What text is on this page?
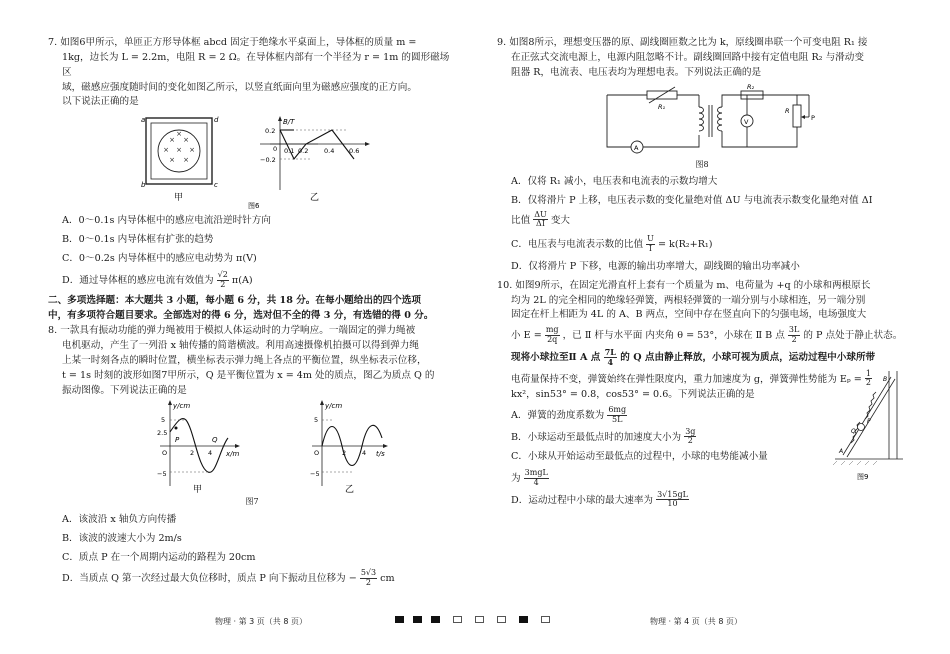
7. 如图6甲所示，单匝正方形导体框 abcd 固定于绝缘水平桌面上，导体框的质量 m =

1kg，边长为 L = 2.2m，电阻 R = 2 Ω。在导体框内部有一个半径为 r = 1m 的圆形磁场区

域，磁感应强度随时间的变化如图乙所示，以竖直纸面向里为磁感应强度的正方向。

以下说法正确的是

× ×
× × ×
× ×
×
a	d
b	c
甲
B/T
0.2
−0.2
0 0.1 0.2 0.4 0.6
乙
图6

A．0～0.1s 内导体框中的感应电流沿逆时针方向

B．0～0.1s 内导体框有扩张的趋势

C．0～0.2s 内导体框中的感应电动势为 π(V)

D．通过导体框的感应电流有效值为 $\frac{√2}{2} \pi(A)$

二、多项选择题：本大题共 3 小题，每小题 6 分，共 18 分。在每小题给出的四个选项

中，有多项符合题目要求。全部选对的得 6 分，选对但不全的得 3 分，有选错的得 0 分。

8. 一款具有振动功能的弹力绳被用于模拟人体运动时的力学响应。一端固定的弹力绳被

电机驱动，产生了一列沿 x 轴传播的简谐横波。利用高速摄像机拍摄可以得到弹力绳

上某一时刻各点的瞬时位置，横坐标表示弹力绳上各点的平衡位置，纵坐标表示位移，

t = 1s 时刻的波形如图7甲所示，Q 是平衡位置为 x = 4m 处的质点，图乙为质点 Q 的

振动图像。下列说法正确的是

y/cm
x/m
5
2.5
O
−5
2 4
P	Q
甲
y/cm
t/s
5
O
−5
2 4
乙

图7

A．该波沿 x 轴负方向传播

B．该波的波速大小为 2m/s

C．质点 P 在一个周期内运动的路程为 20cm

D．当质点 Q 第一次经过最大负位移时，质点 P 向下振动且位移为 − $\frac{5√3}{2}$ cm

9. 如图8所示，理想变压器的原、副线圈匝数之比为 k，原线圈串联一个可变电阻 R₁ 接

在正弦式交流电源上，电源内阻忽略不计。副线圈回路中接有定值电阻 R₂ 与滑动变

阻器 R，电流表、电压表均为理想电表。下列说法正确的是

R₁
R₂
R
P
V
A

图8

A．仅将 R₁ 减小，电压表和电流表的示数均增大

B．仅将滑片 P 上移，电压表示数的变化量绝对值 ΔU 与电流表示数变化量绝对值 ΔI

比值 $\frac{\Delta U}{\Delta I}$ 变大

C．电压表与电流表示数的比值 $\frac{U}{I} = k(R_2+R_1)$

D．仅将滑片 P 下移，电源的输出功率增大，副线圈的输出功率减小

10. 如图9所示，在固定光滑直杆上套有一个质量为 m、电荷量为 +q 的小球和两根原长

均为 2L 的完全相同的绝缘轻弹簧，两根轻弹簧的一端分别与小球相连，另一端分别

固定在杆上相距为 4L 的 A、B 两点，空间中存在竖直向下的匀强电场，电场强度大

小 $E = \frac{mg}{2q}$ ，已 Ⅱ 杆与水平面 内夹角 θ = 53°，小球在 Ⅱ B 点 $\frac{3L}{2}$ 的 P 点处于静止状态。

现将小球拉至Ⅱ A 点 $\frac{7L}{4}$ 的 Q 点由静止释放，小球可视为质点，运动过程中小球所带

电荷量保持不变，弹簧始终在弹性限度内，重力加速度为 g，弹簧弹性势能为 $E_p = \frac{1}{2}$

kx²，sin53° = 0.8，cos53° = 0.6。下列说法正确的是

A．弹簧的劲度系数为 $\frac{6mg}{5L}$

B．小球运动至最低点时的加速度大小为 $\frac{3g}{2}$

C．小球从开始运动至最低点的过程中，小球的电势能减小量

为 $\frac{\text{3mgL}}{4}$

D．运动过程中小球的最大速率为 $\frac{3√15gL}{10}$

A
B
P
Q
图9
物理 · 第 3 页（共 8 页）	物理 · 第 4 页（共 8 页）
